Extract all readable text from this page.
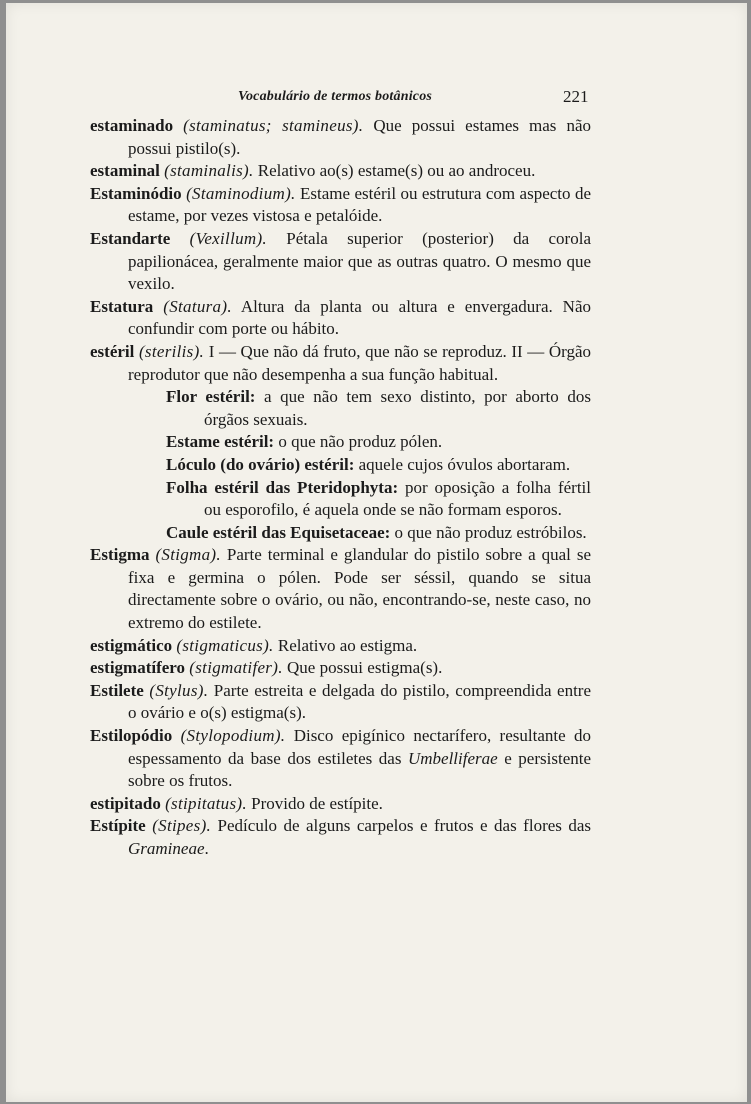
Vocabulário de termos botânicos	221

estaminado (staminatus; stamineus). Que possui estames mas não possui pistilo(s).

estaminal (staminalis). Relativo ao(s) estame(s) ou ao androceu.

Estaminódio (Staminodium). Estame estéril ou estrutura com aspecto de estame, por vezes vistosa e petalóide.

Estandarte (Vexillum). Pétala superior (posterior) da corola papilionácea, geralmente maior que as outras quatro. O mesmo que vexilo.

Estatura (Statura). Altura da planta ou altura e envergadura. Não confundir com porte ou hábito.

estéril (sterilis). I — Que não dá fruto, que não se reproduz. II — Órgão reprodutor que não desempenha a sua função habitual.

Flor estéril: a que não tem sexo distinto, por aborto dos órgãos sexuais.

Estame estéril: o que não produz pólen.

Lóculo (do ovário) estéril: aquele cujos óvulos abortaram.

Folha estéril das Pteridophyta: por oposição a folha fértil ou esporofilo, é aquela onde se não formam esporos.

Caule estéril das Equisetaceae: o que não produz estróbilos.

Estigma (Stigma). Parte terminal e glandular do pistilo sobre a qual se fixa e germina o pólen. Pode ser séssil, quando se situa directamente sobre o ovário, ou não, encontrando-se, neste caso, no extremo do estilete.

estigmático (stigmaticus). Relativo ao estigma.

estigmatífero (stigmatifer). Que possui estigma(s).

Estilete (Stylus). Parte estreita e delgada do pistilo, compreendida entre o ovário e o(s) estigma(s).

Estilopódio (Stylopodium). Disco epigínico nectarífero, resultante do espessamento da base dos estiletes das Umbelliferae e persistente sobre os frutos.

estipitado (stipitatus). Provido de estípite.

Estípite (Stipes). Pedículo de alguns carpelos e frutos e das flores das Gramineae.
